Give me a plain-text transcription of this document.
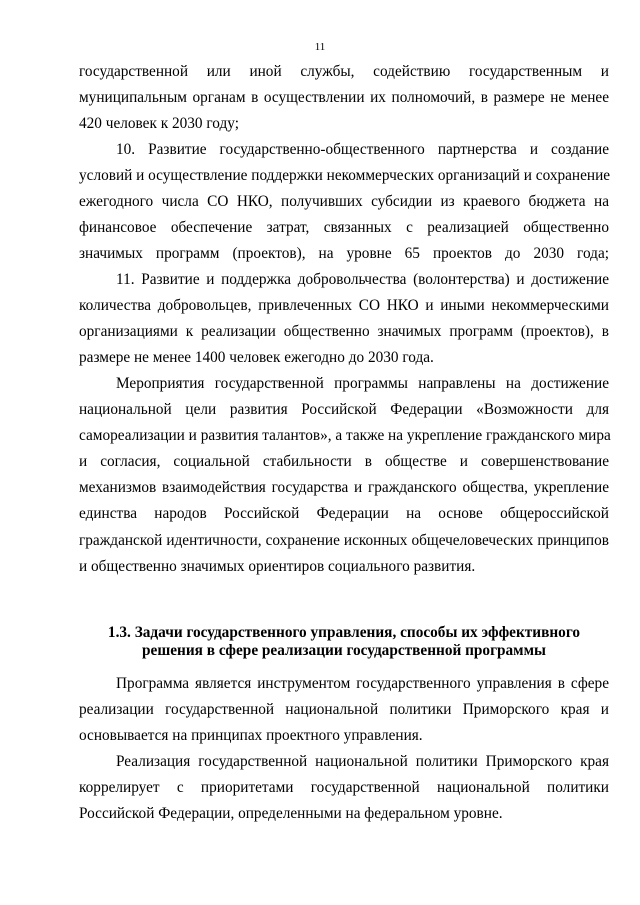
11
государственной или иной службы, содействию государственным и
муниципальным органам в осуществлении их полномочий, в размере не менее
420 человек к 2030 году;
10. Развитие государственно-общественного партнерства и создание
условий и осуществление поддержки некоммерческих организаций и сохранение
ежегодного числа СО НКО, получивших субсидии из краевого бюджета на
финансовое обеспечение затрат, связанных с реализацией общественно
значимых программ (проектов), на уровне 65 проектов до 2030 года;
11. Развитие и поддержка добровольчества (волонтерства) и достижение
количества добровольцев, привлеченных СО НКО и иными некоммерческими
организациями к реализации общественно значимых программ (проектов), в
размере не менее 1400 человек ежегодно до 2030 года.
Мероприятия государственной программы направлены на достижение
национальной цели развития Российской Федерации «Возможности для
самореализации и развития талантов», а также на укрепление гражданского мира
и согласия, социальной стабильности в обществе и совершенствование
механизмов взаимодействия государства и гражданского общества, укрепление
единства народов Российской Федерации на основе общероссийской
гражданской идентичности, сохранение исконных общечеловеческих принципов
и общественно значимых ориентиров социального развития.
1.3. Задачи государственного управления, способы их эффективного
решения в сфере реализации государственной программы
Программа является инструментом государственного управления в сфере
реализации государственной национальной политики Приморского края и
основывается на принципах проектного управления.
Реализация государственной национальной политики Приморского края
коррелирует с приоритетами государственной национальной политики
Российской Федерации, определенными на федеральном уровне.
